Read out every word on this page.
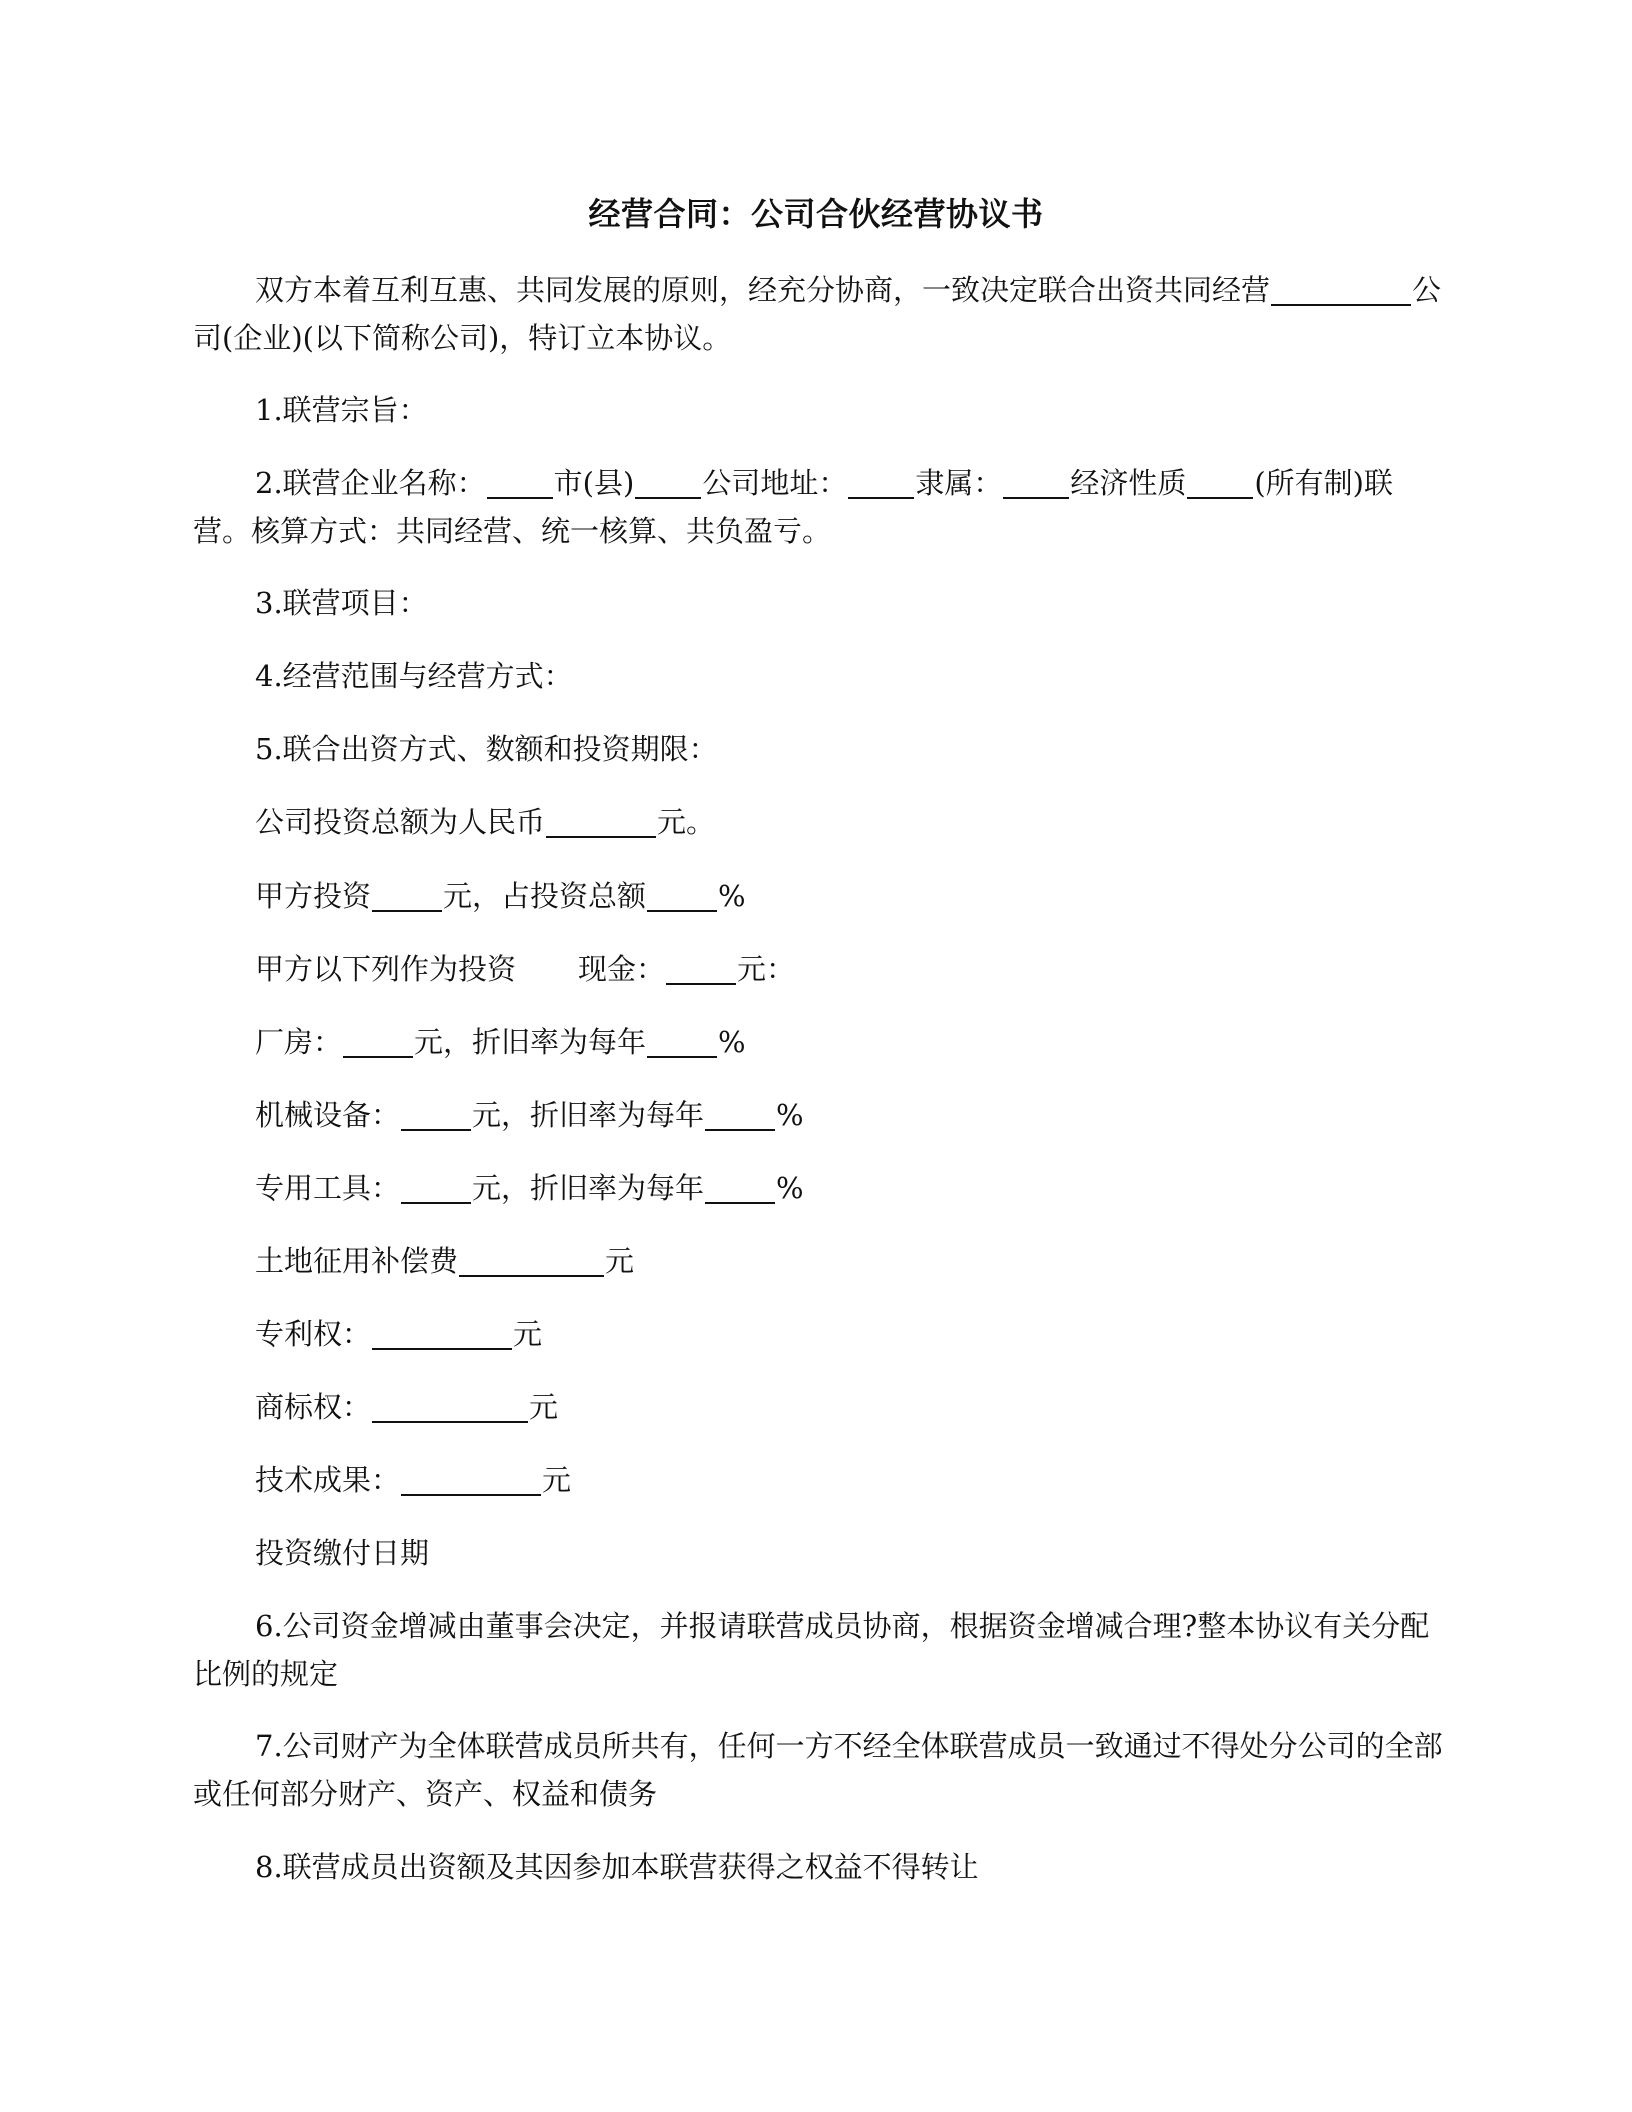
经营合同：公司合伙经营协议书
双方本着互利互惠、共同发展的原则，经充分协商，一致决定联合出资共同经营	公司(企业)(以下简称公司)，特订立本协议。
1.联营宗旨：
2.联营企业名称： 市(县) 公司地址： 隶属： 经济性质 (所有制)联营。核算方式：共同经营、统一核算、共负盈亏。
3.联营项目：
4.经营范围与经营方式：
5.联合出资方式、数额和投资期限：
公司投资总额为人民币	元。
甲方投资 元，占投资总额 %
甲方以下列作为投资 现金： 元：
厂房： 元，折旧率为每年 %
机械设备： 元，折旧率为每年 %
专用工具： 元，折旧率为每年 %
土地征用补偿费	元
专利权：	元
商标权：	元
技术成果：	元
投资缴付日期
6.公司资金增减由董事会决定，并报请联营成员协商，根据资金增减合理?整本协议有关分配比例的规定
7.公司财产为全体联营成员所共有，任何一方不经全体联营成员一致通过不得处分公司的全部或任何部分财产、资产、权益和债务
8.联营成员出资额及其因参加本联营获得之权益不得转让
